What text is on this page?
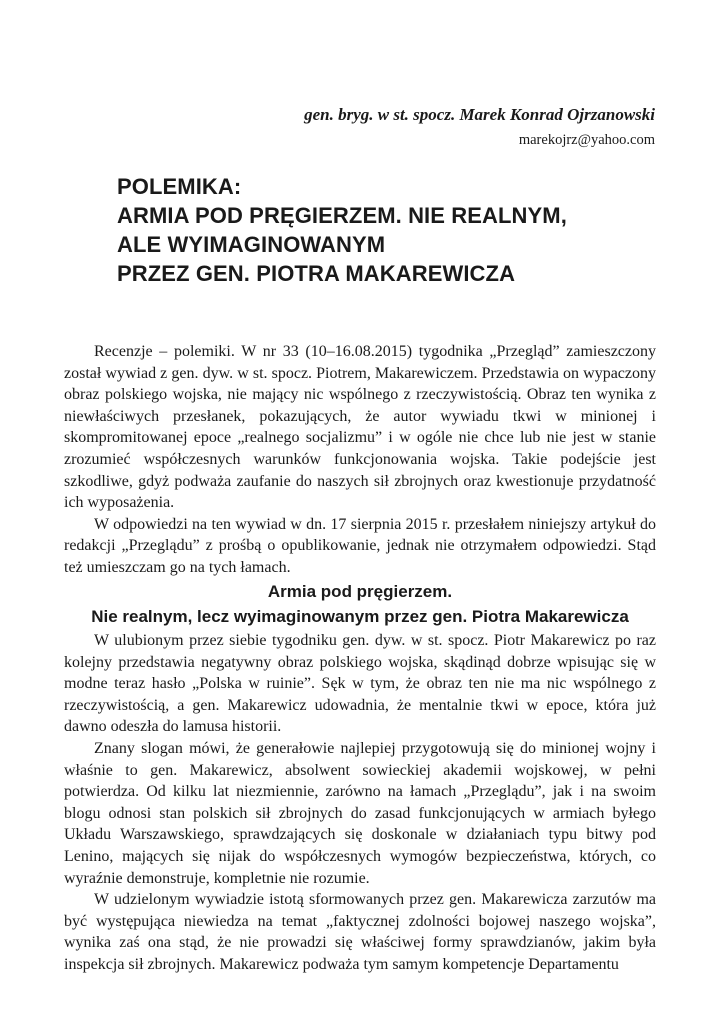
gen. bryg. w st. spocz. Marek Konrad Ojrzanowski
marekojrz@yahoo.com
POLEMIKA:
ARMIA POD PRĘGIERZEM. NIE REALNYM,
ALE WYIMAGINOWANYM
PRZEZ GEN. PIOTRA MAKAREWICZA

Recenzje – polemiki. W nr 33 (10–16.08.2015) tygodnika „Przegląd” zamieszczony został wywiad z gen. dyw. w st. spocz. Piotrem, Makarewiczem. Przedstawia on wypaczony obraz polskiego wojska, nie mający nic wspólnego z rzeczywistością. Obraz ten wynika z niewłaściwych przesłanek, pokazujących, że autor wywiadu tkwi w minionej i skompromitowanej epoce „realnego socjalizmu” i w ogóle nie chce lub nie jest w stanie zrozumieć współczesnych warunków funkcjonowania wojska. Takie podejście jest szkodliwe, gdyż podważa zaufanie do naszych sił zbrojnych oraz kwestionuje przydatność ich wyposażenia.

W odpowiedzi na ten wywiad w dn. 17 sierpnia 2015 r. przesłałem niniejszy artykuł do redakcji „Przeglądu” z prośbą o opublikowanie, jednak nie otrzymałem odpowiedzi. Stąd też umieszczam go na tych łamach.

Armia pod pręgierzem.
Nie realnym, lecz wyimaginowanym przez gen. Piotra Makarewicza

W ulubionym przez siebie tygodniku gen. dyw. w st. spocz. Piotr Makarewicz po raz kolejny przedstawia negatywny obraz polskiego wojska, skądinąd dobrze wpisując się w modne teraz hasło „Polska w ruinie”. Sęk w tym, że obraz ten nie ma nic wspólnego z rzeczywistością, a gen. Makarewicz udowadnia, że mentalnie tkwi w epoce, która już dawno odeszła do lamusa historii.

Znany slogan mówi, że generałowie najlepiej przygotowują się do minionej wojny i właśnie to gen. Makarewicz, absolwent sowieckiej akademii wojskowej, w pełni potwierdza. Od kilku lat niezmiennie, zarówno na łamach „Przeglądu”, jak i na swoim blogu odnosi stan polskich sił zbrojnych do zasad funkcjonujących w armiach byłego Układu Warszawskiego, sprawdzających się doskonale w działaniach typu bitwy pod Lenino, mających się nijak do współczesnych wymogów bezpieczeństwa, których, co wyraźnie demonstruje, kompletnie nie rozumie.

W udzielonym wywiadzie istotą sformowanych przez gen. Makarewicza zarzutów ma być występująca niewiedza na temat „faktycznej zdolności bojowej naszego wojska”, wynika zaś ona stąd, że nie prowadzi się właściwej formy sprawdzianów, jakim była inspekcja sił zbrojnych. Makarewicz podważa tym samym kompetencje Departamentu
